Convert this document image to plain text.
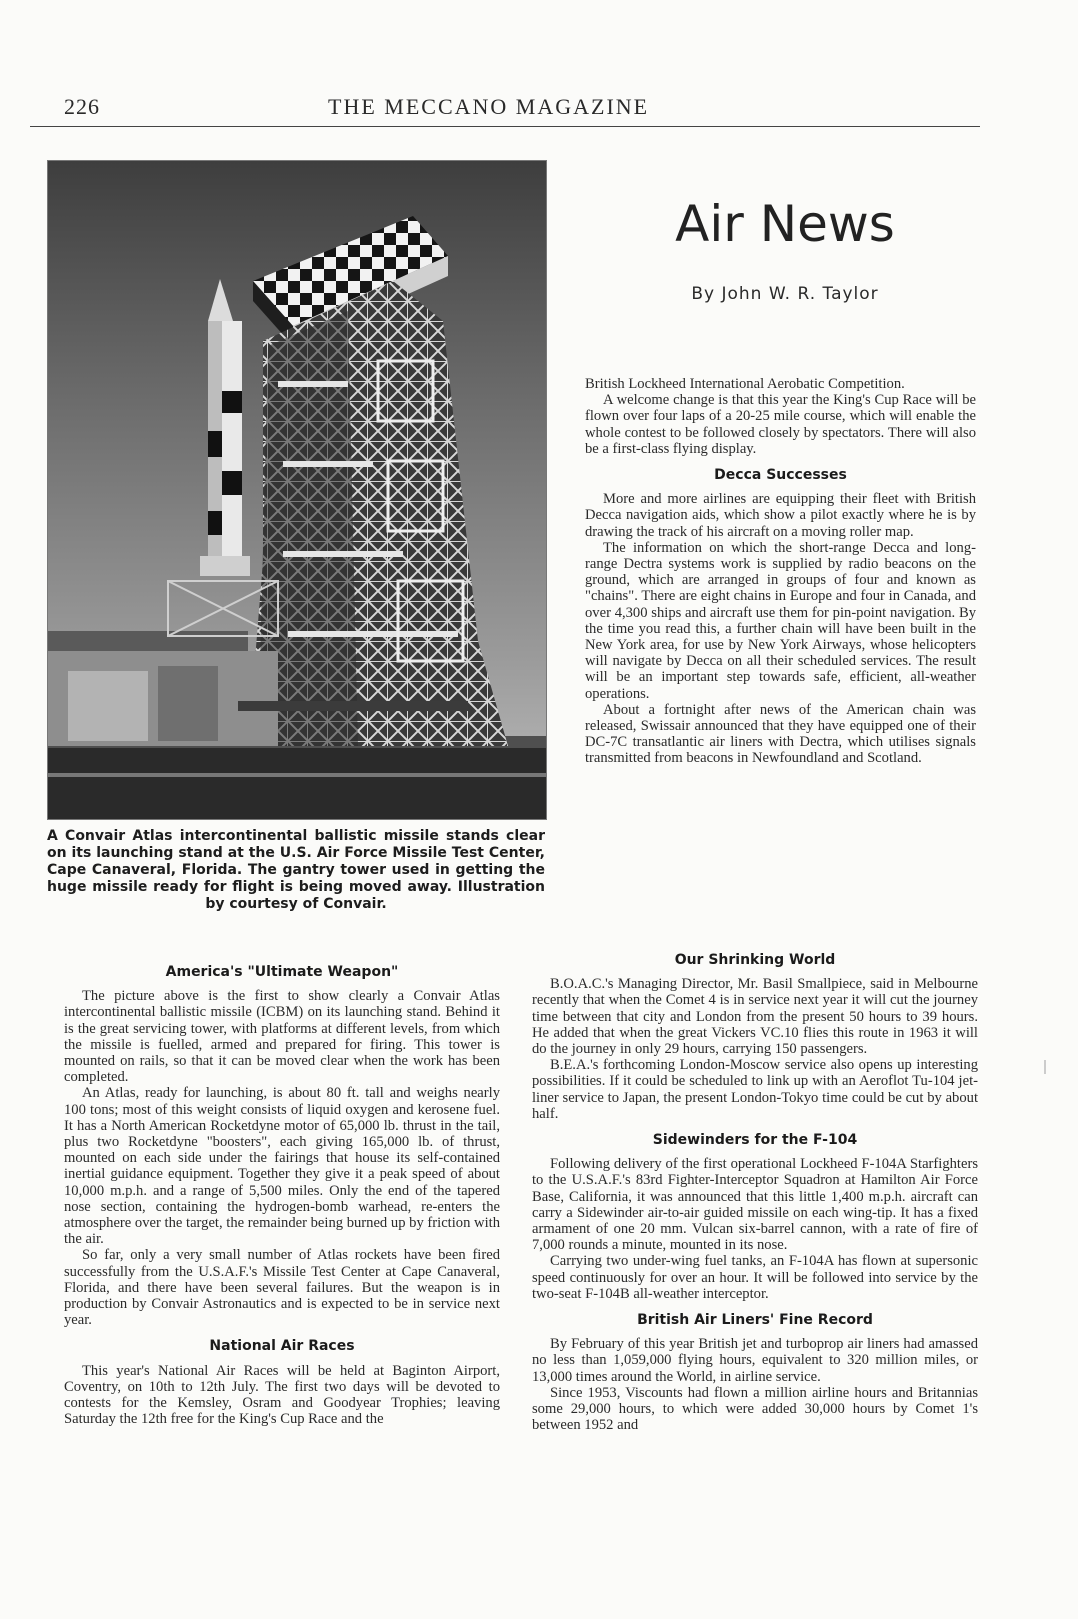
226	THE MECCANO MAGAZINE
A Convair Atlas intercontinental ballistic missile stands clear on its launching stand at the U.S. Air Force Missile Test Center, Cape Canaveral, Florida. The gantry tower used in getting the huge missile ready for flight is being moved away. Illustration by courtesy of Convair.
Air News
By John W. R. Taylor
America's "Ultimate Weapon"

The picture above is the first to show clearly a Convair Atlas intercontinental ballistic missile (ICBM) on its launching stand. Behind it is the great servicing tower, with platforms at different levels, from which the missile is fuelled, armed and prepared for firing. This tower is mounted on rails, so that it can be moved clear when the work has been completed.

An Atlas, ready for launching, is about 80 ft. tall and weighs nearly 100 tons; most of this weight consists of liquid oxygen and kerosene fuel. It has a North American Rocketdyne motor of 65,000 lb. thrust in the tail, plus two Rocketdyne "boosters", each giving 165,000 lb. of thrust, mounted on each side under the fairings that house its self-contained inertial guidance equipment. Together they give it a peak speed of about 10,000 m.p.h. and a range of 5,500 miles. Only the end of the tapered nose section, containing the hydrogen-bomb warhead, re-enters the atmosphere over the target, the remainder being burned up by friction with the air.

So far, only a very small number of Atlas rockets have been fired successfully from the U.S.A.F.'s Missile Test Center at Cape Canaveral, Florida, and there have been several failures. But the weapon is in production by Convair Astronautics and is expected to be in service next year.

National Air Races

This year's National Air Races will be held at Baginton Airport, Coventry, on 10th to 12th July. The first two days will be devoted to contests for the Kemsley, Osram and Goodyear Trophies; leaving Saturday the 12th free for the King's Cup Race and the

British Lockheed International Aerobatic Competition.

A welcome change is that this year the King's Cup Race will be flown over four laps of a 20-25 mile course, which will enable the whole contest to be followed closely by spectators. There will also be a first-class flying display.

Decca Successes

More and more airlines are equipping their fleet with British Decca navigation aids, which show a pilot exactly where he is by drawing the track of his aircraft on a moving roller map.

The information on which the short-range Decca and long-range Dectra systems work is supplied by radio beacons on the ground, which are arranged in groups of four and known as "chains". There are eight chains in Europe and four in Canada, and over 4,300 ships and aircraft use them for pin-point navigation. By the time you read this, a further chain will have been built in the New York area, for use by New York Airways, whose helicopters will navigate by Decca on all their scheduled services. The result will be an important step towards safe, efficient, all-weather operations.

About a fortnight after news of the American chain was released, Swissair announced that they have equipped one of their DC-7C transatlantic air liners with Dectra, which utilises signals transmitted from beacons in Newfoundland and Scotland.

Our Shrinking World

B.O.A.C.'s Managing Director, Mr. Basil Smallpiece, said in Melbourne recently that when the Comet 4 is in service next year it will cut the journey time between that city and London from the present 50 hours to 39 hours. He added that when the great Vickers VC.10 flies this route in 1963 it will do the journey in only 29 hours, carrying 150 passengers.

B.E.A.'s forthcoming London-Moscow service also opens up interesting possibilities. If it could be scheduled to link up with an Aeroflot Tu-104 jet-liner service to Japan, the present London-Tokyo time could be cut by about half.

Sidewinders for the F-104

Following delivery of the first operational Lockheed F-104A Starfighters to the U.S.A.F.'s 83rd Fighter-Interceptor Squadron at Hamilton Air Force Base, California, it was announced that this little 1,400 m.p.h. aircraft can carry a Sidewinder air-to-air guided missile on each wing-tip. It has a fixed armament of one 20 mm. Vulcan six-barrel cannon, with a rate of fire of 7,000 rounds a minute, mounted in its nose.

Carrying two under-wing fuel tanks, an F-104A has flown at supersonic speed continuously for over an hour. It will be followed into service by the two-seat F-104B all-weather interceptor.

British Air Liners' Fine Record

By February of this year British jet and turboprop air liners had amassed no less than 1,059,000 flying hours, equivalent to 320 million miles, or 13,000 times around the World, in airline service.

Since 1953, Viscounts had flown a million airline hours and Britannias some 29,000 hours, to which were added 30,000 hours by Comet 1's between 1952 and
